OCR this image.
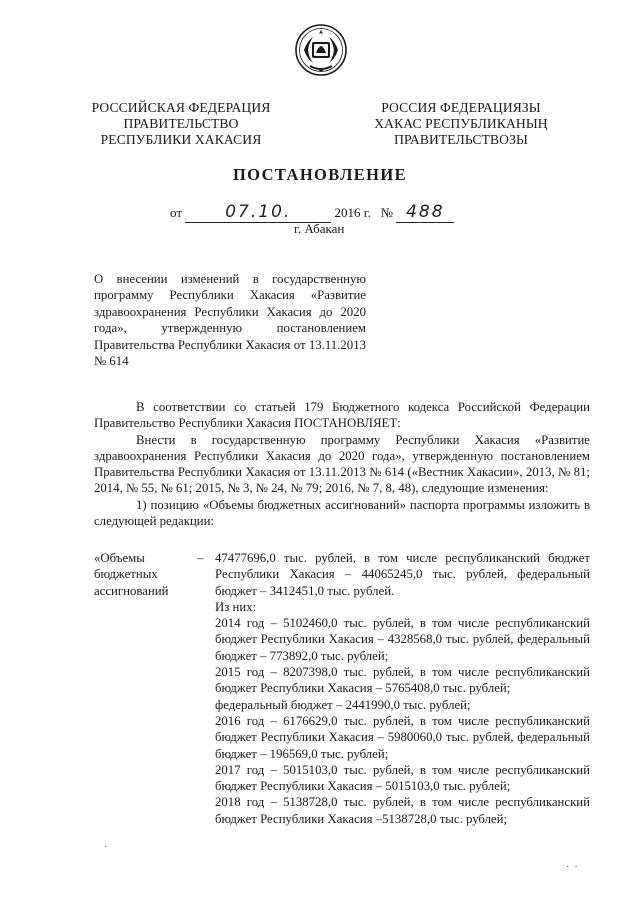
РОССИЙСКАЯ ФЕДЕРАЦИЯ
ПРАВИТЕЛЬСТВО
РЕСПУБЛИКИ ХАКАСИЯ
РОССИЯ ФЕДЕРАЦИЯЗЫ
ХАКАС РЕСПУБЛИКАНЫҢ
ПРАВИТЕЛЬСТВОЗЫ
ПОСТАНОВЛЕНИЕ
от	07.10.	2016 г. № 488
г. Абакан
О внесении изменений в государственную программу Республики Хакасия «Развитие здравоохранения Республики Хакасия до 2020 года», утвержденную постановлением Правительства Республики Хакасия от 13.11.2013 № 614
В соответствии со статьей 179 Бюджетного кодекса Российской Федерации Правительство Республики Хакасия ПОСТАНОВЛЯЕТ:
Внести в государственную программу Республики Хакасия «Развитие здравоохранения Республики Хакасия до 2020 года», утвержденную постановлением Правительства Республики Хакасия от 13.11.2013 № 614 («Вестник Хакасии», 2013, № 81; 2014, № 55, № 61; 2015, № 3, № 24, № 79; 2016, № 7, 8, 48), следующие изменения:
1) позицию «Объемы бюджетных ассигнований» паспорта программы изложить в следующей редакции:
«Объемы бюджетных ассигнований
– 47477696,0 тыс. рублей, в том числе республиканский бюджет Республики Хакасия – 44065245,0 тыс. рублей, федеральный бюджет – 3412451,0 тыс. рублей.

Из них:

2014 год – 5102460,0 тыс. рублей, в том числе республиканский бюджет Республики Хакасия – 4328568,0 тыс. рублей, федеральный бюджет – 773892,0 тыс. рублей;

2015 год – 8207398,0 тыс. рублей, в том числе республиканский бюджет Республики Хакасия – 5765408,0 тыс. рублей;

федеральный бюджет – 2441990,0 тыс. рублей;

2016 год – 6176629,0 тыс. рублей, в том числе республиканский бюджет Республики Хакасия – 5980060,0 тыс. рублей, федеральный бюджет – 196569,0 тыс. рублей;

2017 год – 5015103,0 тыс. рублей, в том числе республиканский бюджет Республики Хакасия – 5015103,0 тыс. рублей;

2018 год – 5138728,0 тыс. рублей, в том числе республиканский бюджет Республики Хакасия –5138728,0 тыс. рублей;

·
·  ·
